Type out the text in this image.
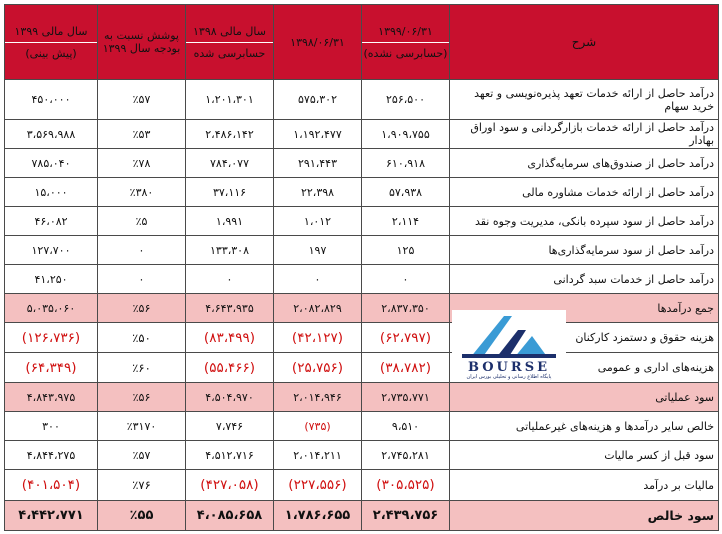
شرح	۱۳۹۹/۰۶/۳۱
(حسابرسی نشده)	۱۳۹۸/۰۶/۳۱	سال مالی ۱۳۹۸
حسابرسی شده	پوشش نسبت به بودجه سال ۱۳۹۹	سال مالی ۱۳۹۹
(پیش بینی)

درآمد حاصل از ارائه خدمات تعهد پذیره‌نویسی و تعهد خرید سهام	۲۵۶،۵۰۰	۵۷۵،۳۰۲	۱،۲۰۱،۳۰۱	٪۵۷	۴۵۰،۰۰۰
درآمد حاصل از ارائه خدمات بازارگردانی و سود اوراق بهادار	۱،۹۰۹،۷۵۵	۱،۱۹۲،۴۷۷	۲،۴۸۶،۱۴۲	٪۵۳	۳،۵۶۹،۹۸۸
درآمد حاصل از صندوق‌های سرمایه‌گذاری	۶۱۰،۹۱۸	۲۹۱،۴۴۳	۷۸۴،۰۷۷	٪۷۸	۷۸۵،۰۴۰
درآمد حاصل از ارائه خدمات مشاوره مالی	۵۷،۹۳۸	۲۲،۳۹۸	۳۷،۱۱۶	٪۳۸۰	۱۵،۰۰۰
درآمد حاصل از سود سپرده بانکی، مدیریت وجوه نقد	۲،۱۱۴	۱،۰۱۲	۱،۹۹۱	٪۵	۴۶،۰۸۲
درآمد حاصل از سود سرمایه‌گذاری‌ها	۱۲۵	۱۹۷	۱۳۳،۳۰۸	۰	۱۲۷،۷۰۰
درآمد حاصل از خدمات سبد گردانی	۰	۰	۰	۰	۴۱،۲۵۰
جمع درآمدها	۲،۸۳۷،۳۵۰	۲،۰۸۲،۸۲۹	۴،۶۴۳،۹۳۵	٪۵۶	۵،۰۳۵،۰۶۰
هزینه حقوق و دستمزد کارکنان	(۶۲،۷۹۷)	(۴۲،۱۲۷)	(۸۳،۴۹۹)	٪۵۰	(۱۲۶،۷۳۶)
هزینه‌های اداری و عمومی	(۳۸،۷۸۲)	(۲۵،۷۵۶)	(۵۵،۴۶۶)	٪۶۰	(۶۴،۳۴۹)
سود عملیاتی	۲،۷۳۵،۷۷۱	۲،۰۱۴،۹۴۶	۴،۵۰۴،۹۷۰	٪۵۶	۴،۸۴۳،۹۷۵
خالص سایر درآمدها و هزینه‌های غیرعملیاتی	۹،۵۱۰	(۷۳۵)	۷،۷۴۶	٪۳۱۷۰	۳۰۰
سود قبل از کسر مالیات	۲،۷۴۵،۲۸۱	۲،۰۱۴،۲۱۱	۴،۵۱۲،۷۱۶	٪۵۷	۴،۸۴۴،۲۷۵
مالیات بر درآمد	(۳۰۵،۵۲۵)	(۲۲۷،۵۵۶)	(۴۲۷،۰۵۸)	٪۷۶	(۴۰۱،۵۰۴)
سود خالص	۲،۴۳۹،۷۵۶	۱،۷۸۶،۶۵۵	۴،۰۸۵،۶۵۸	٪۵۵	۴،۴۴۲،۷۷۱
BOURSE
پایگاه اطلاع رسانی و تحلیلی بورس ایران
